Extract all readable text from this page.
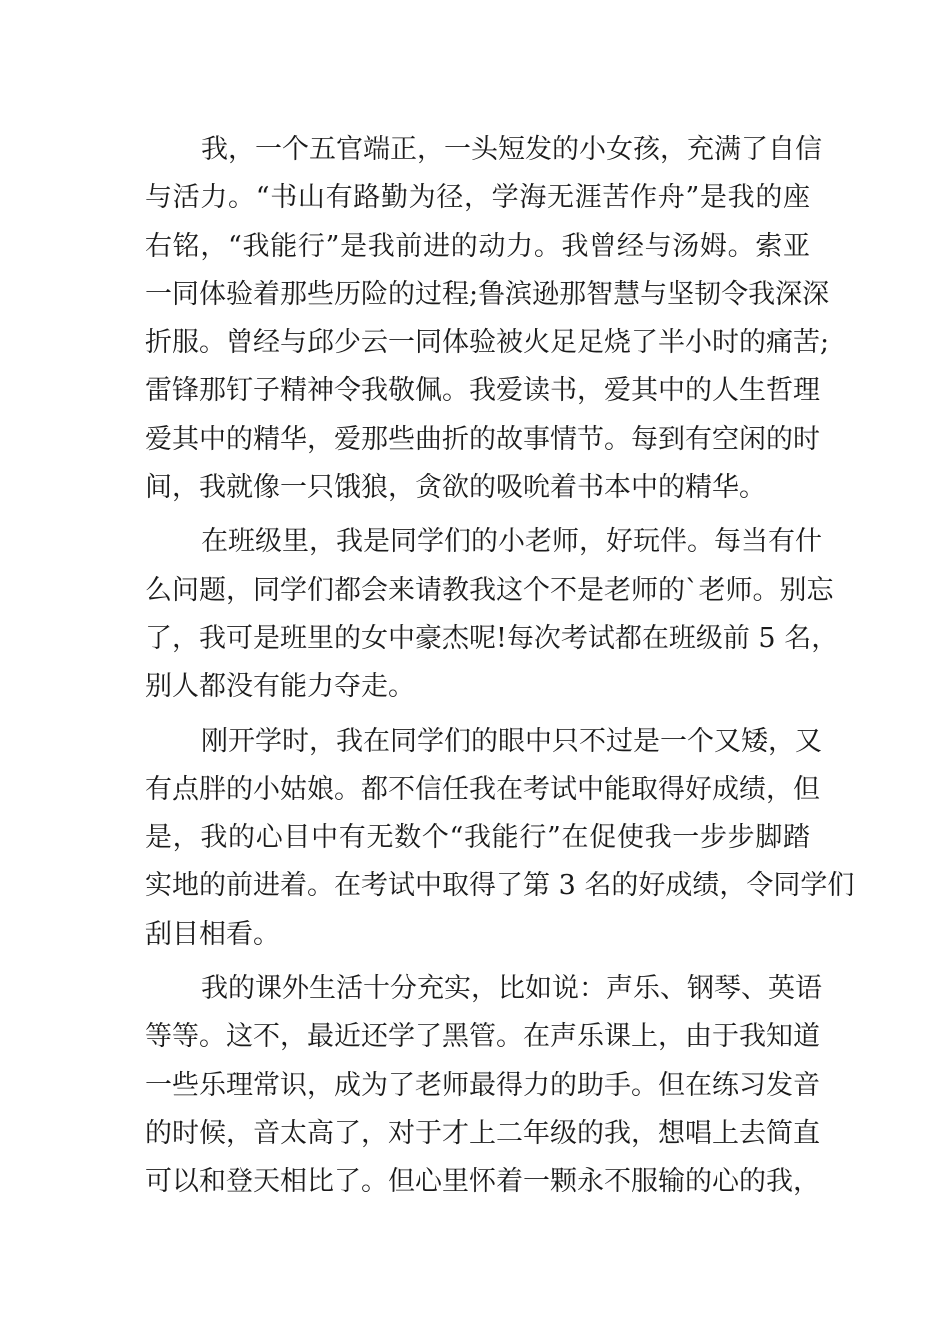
我，一个五官端正，一头短发的小女孩，充满了自信
与活力。“书山有路勤为径，学海无涯苦作舟”是我的座
右铭，“我能行”是我前进的动力。我曾经与汤姆。索亚
一同体验着那些历险的过程;鲁滨逊那智慧与坚韧令我深深
折服。曾经与邱少云一同体验被火足足烧了半小时的痛苦;
雷锋那钉子精神令我敬佩。我爱读书，爱其中的人生哲理
爱其中的精华，爱那些曲折的故事情节。每到有空闲的时
间，我就像一只饿狼，贪欲的吸吮着书本中的精华。
在班级里，我是同学们的小老师，好玩伴。每当有什
么问题，同学们都会来请教我这个不是老师的`老师。别忘
了，我可是班里的女中豪杰呢!每次考试都在班级前 5 名，
别人都没有能力夺走。
刚开学时，我在同学们的眼中只不过是一个又矮，又
有点胖的小姑娘。都不信任我在考试中能取得好成绩，但
是，我的心目中有无数个“我能行”在促使我一步步脚踏
实地的前进着。在考试中取得了第 3 名的好成绩，令同学们
刮目相看。
我的课外生活十分充实，比如说：声乐、钢琴、英语
等等。这不，最近还学了黑管。在声乐课上，由于我知道
一些乐理常识，成为了老师最得力的助手。但在练习发音
的时候，音太高了，对于才上二年级的我，想唱上去简直
可以和登天相比了。但心里怀着一颗永不服输的心的我，
